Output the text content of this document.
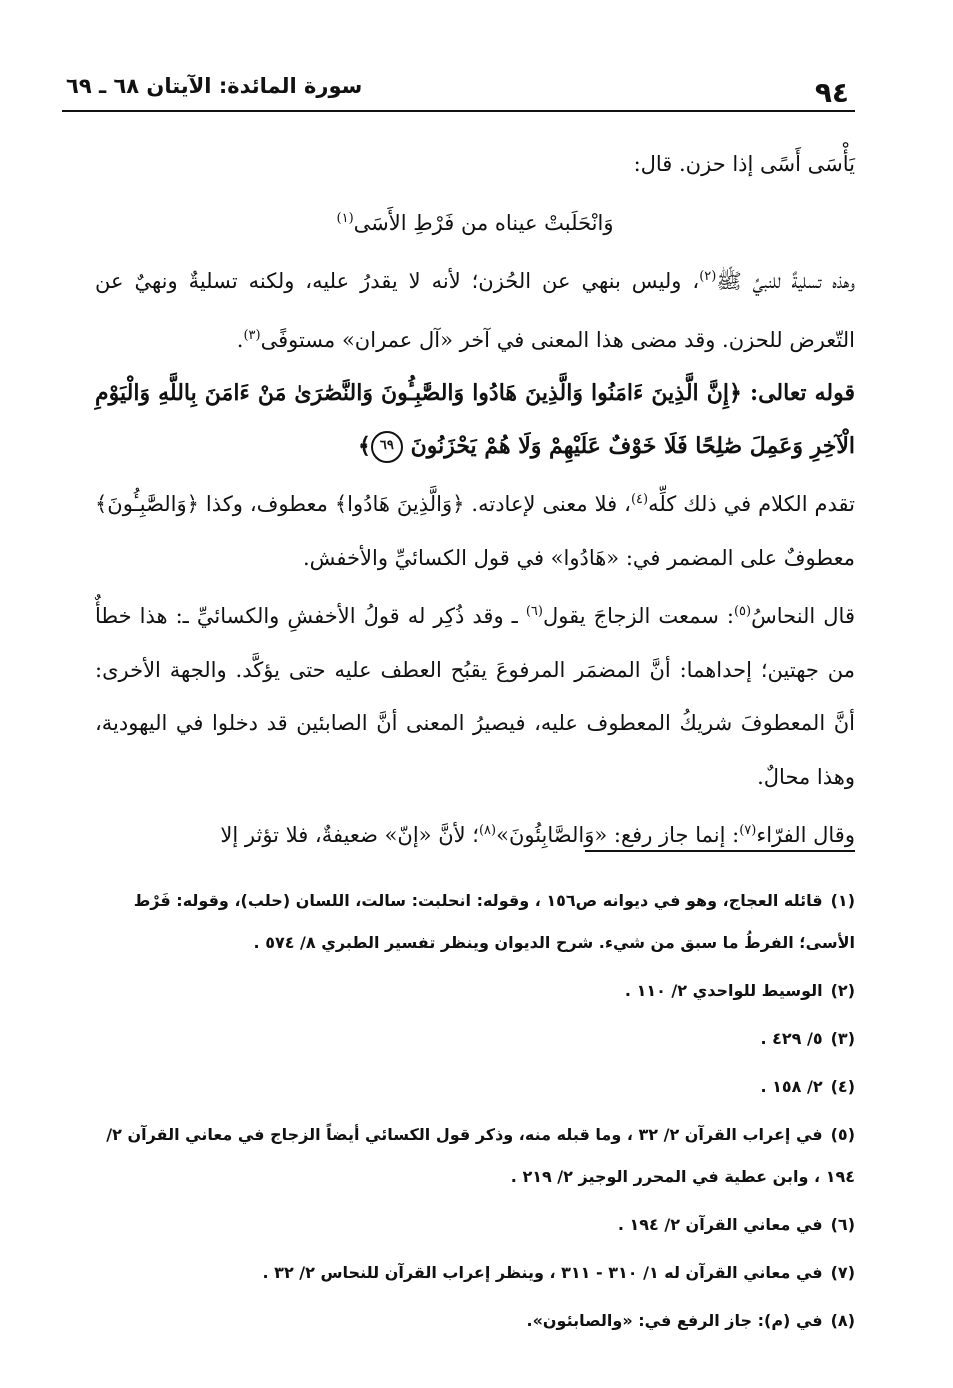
٩٤
سورة المائدة: الآيتان ٦٨ ـ ٦٩

يَأْسَى أَسًى إذا حزن. قال:

وَانْحَلَبتْ عيناه من فَرْطِ الأَسَى$^{(١)}$

وهذه تسليةٌ للنبيِّ ﷺ$^{(٢)}$، وليس بنهي عن الحُزن؛ لأنه لا يقدرُ عليه، ولكنه تسليةٌ ونهيٌ عن التّعرض للحزن. وقد مضى هذا المعنى في آخر «آل عمران» مستوفًى$^{(٣)}$.

قوله تعالى: ﴿إِنَّ الَّذِينَ ءَامَنُوا وَالَّذِينَ هَادُوا وَالصَّٰبِـُٔونَ وَالنَّصَٰرَىٰ مَنْ ءَامَنَ بِاللَّهِ وَالْيَوْمِ الْآخِرِ وَعَمِلَ صَٰلِحًا فَلَا خَوْفٌ عَلَيْهِمْ وَلَا هُمْ يَحْزَنُونَ ٦٩﴾

تقدم الكلام في ذلك كلِّه$^{(٤)}$، فلا معنى لإعادته. ﴿وَالَّذِينَ هَادُوا﴾ معطوف، وكذا ﴿وَالصَّٰبِـُٔونَ﴾ معطوفٌ على المضمر في: «هَادُوا» في قول الكسائيِّ والأخفش.

قال النحاسُ$^{(٥)}$: سمعت الزجاجَ يقول$^{(٦)}$ ـ وقد ذُكِر له قولُ الأخفشِ والكسائيِّ ـ: هذا خطأٌ من جهتين؛ إحداهما: أنَّ المضمَر المرفوعَ يقبُح العطف عليه حتى يؤكَّد. والجهة الأخرى: أنَّ المعطوفَ شريكُ المعطوف عليه، فيصيرُ المعنى أنَّ الصابئين قد دخلوا في اليهودية، وهذا محالٌ.

وقال الفرّاء$^{(٧)}$: إنما جاز رفع: «وَالصَّابِئُونَ»$^{(٨)}$؛ لأنَّ «إنّ» ضعيفةٌ، فلا تؤثر إلا

(١)قائله العجاج، وهو في ديوانه ص١٥٦ ، وقوله: انحلبت: سالت، اللسان (حلب)، وقوله: فَرْط الأسى؛ الفرطُ ما سبق من شيء. شرح الديوان وينظر تفسير الطبري ٨/ ٥٧٤ .

(٢)الوسيط للواحدي ٢/ ١١٠ .

(٣)٥/ ٤٢٩ .

(٤)٢/ ١٥٨ .

(٥)في إعراب القرآن ٢/ ٣٢ ، وما قبله منه، وذكر قول الكسائي أيضاً الزجاج في معاني القرآن ٢/ ١٩٤ ، وابن عطية في المحرر الوجيز ٢/ ٢١٩ .

(٦)في معاني القرآن ٢/ ١٩٤ .

(٧)في معاني القرآن له ١/ ٣١٠ - ٣١١ ، وينظر إعراب القرآن للنحاس ٢/ ٣٢ .

(٨)في (م): جاز الرفع في: «والصابئون».
